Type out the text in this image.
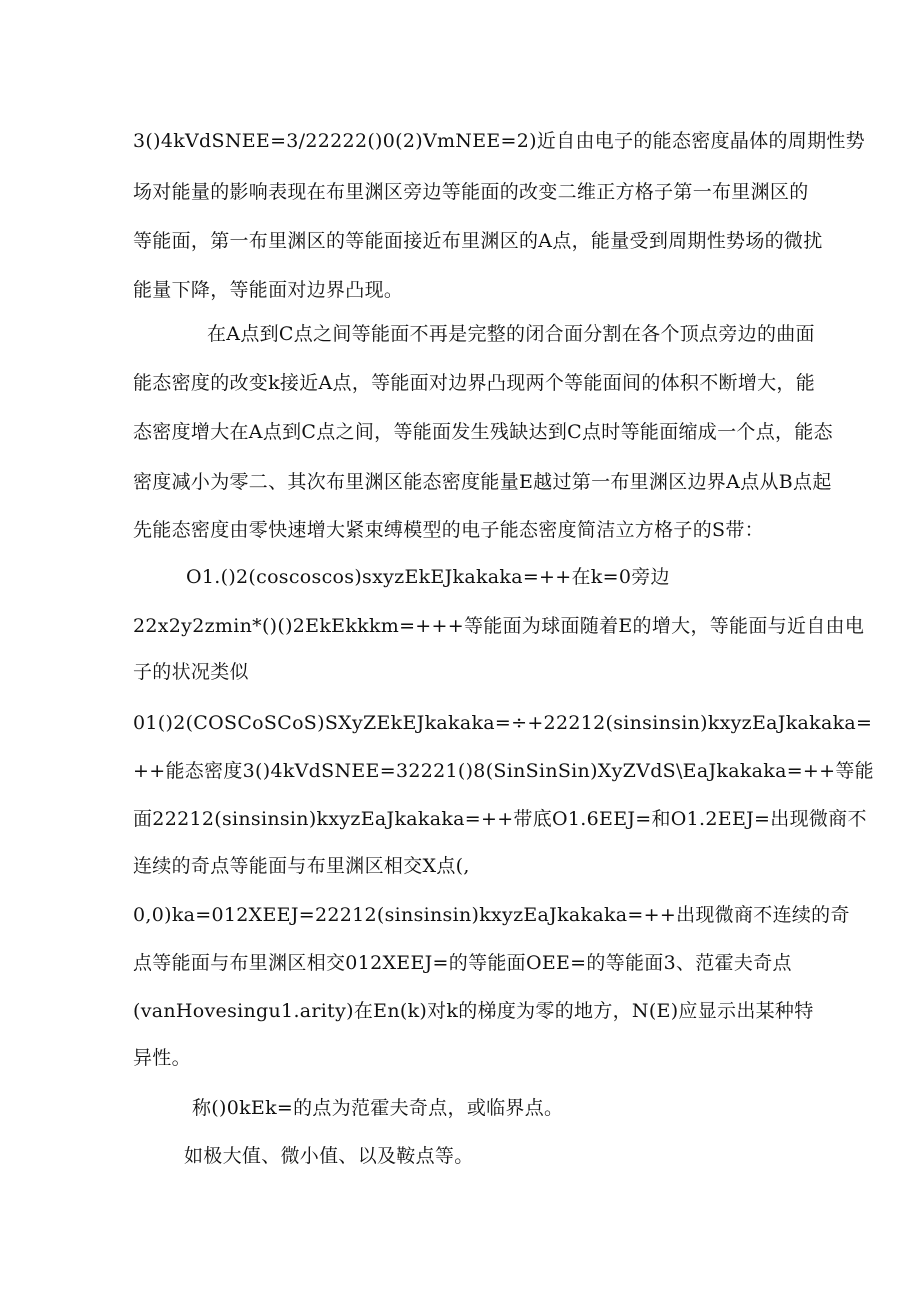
3()4kVdSNEE=3/22222()0(2)VmNEE=2)近自由电子的能态密度晶体的周期性势
场对能量的影响表现在布里渊区旁边等能面的改变二维正方格子第一布里渊区的
等能面，第一布里渊区的等能面接近布里渊区的A点，能量受到周期性势场的微扰
能量下降，等能面对边界凸现。
在A点到C点之间等能面不再是完整的闭合面分割在各个顶点旁边的曲面
能态密度的改变k接近A点，等能面对边界凸现两个等能面间的体积不断增大，能
态密度增大在A点到C点之间，等能面发生残缺达到C点时等能面缩成一个点，能态
密度减小为零二、其次布里渊区能态密度能量E越过第一布里渊区边界A点从B点起
先能态密度由零快速增大紧束缚模型的电子能态密度简洁立方格子的S带：
O1.()2(coscoscos)sxyzEkEJkakaka=++在k=0旁边
22x2y2zmin*()()2EkEkkkm=+++等能面为球面随着E的增大，等能面与近自由电
子的状况类似
01()2(COSCoSCoS)SXyZEkEJkakaka=÷+22212(sinsinsin)kxyzEaJkakaka=
++能态密度3()4kVdSNEE=32221()8(SinSinSin)XyZVdS\EaJkakaka=++等能
面22212(sinsinsin)kxyzEaJkakaka=++带底O1.6EEJ=和O1.2EEJ=出现微商不
连续的奇点等能面与布里渊区相交X点(,
0,0)ka=012XEEJ=22212(sinsinsin)kxyzEaJkakaka=++出现微商不连续的奇
点等能面与布里渊区相交012XEEJ=的等能面OEE=的等能面3、范霍夫奇点
(vanHovesingu1.arity)在En(k)对k的梯度为零的地方，N(E)应显示出某种特
异性。
称()0kEk=的点为范霍夫奇点，或临界点。
如极大值、微小值、以及鞍点等。
